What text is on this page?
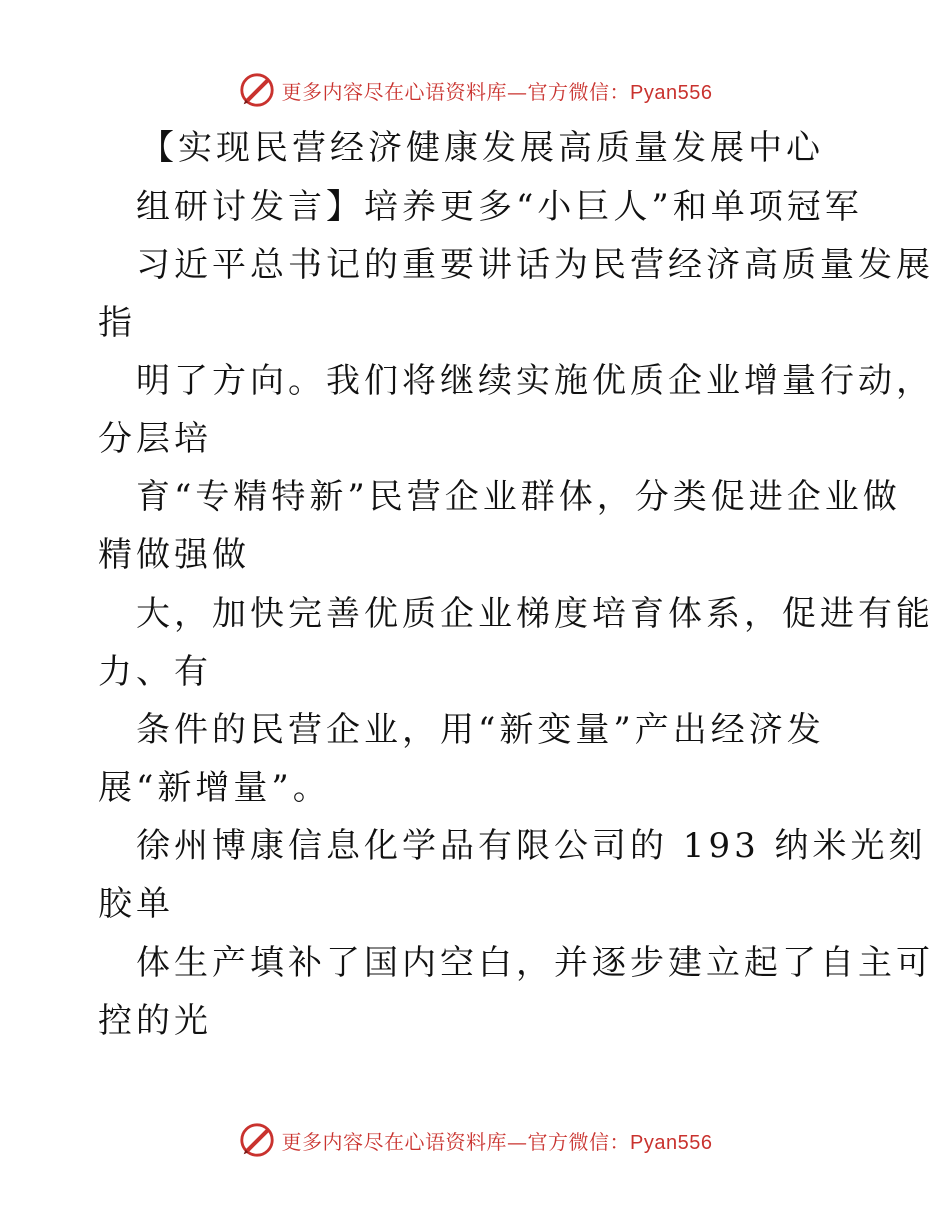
更多内容尽在心语资料库—官方微信：Pyan556
【实现民营经济健康发展高质量发展中心
组研讨发言】培养更多“小巨人”和单项冠军
习近平总书记的重要讲话为民营经济高质量发展
指
明了方向。我们将继续实施优质企业增量行动，
分层培
育“专精特新”民营企业群体，分类促进企业做
精做强做
大，加快完善优质企业梯度培育体系，促进有能
力、有
条件的民营企业，用“新变量”产出经济发
展“新增量”。
徐州博康信息化学品有限公司的 193 纳米光刻
胶单
体生产填补了国内空白，并逐步建立起了自主可
控的光
更多内容尽在心语资料库—官方微信：Pyan556
